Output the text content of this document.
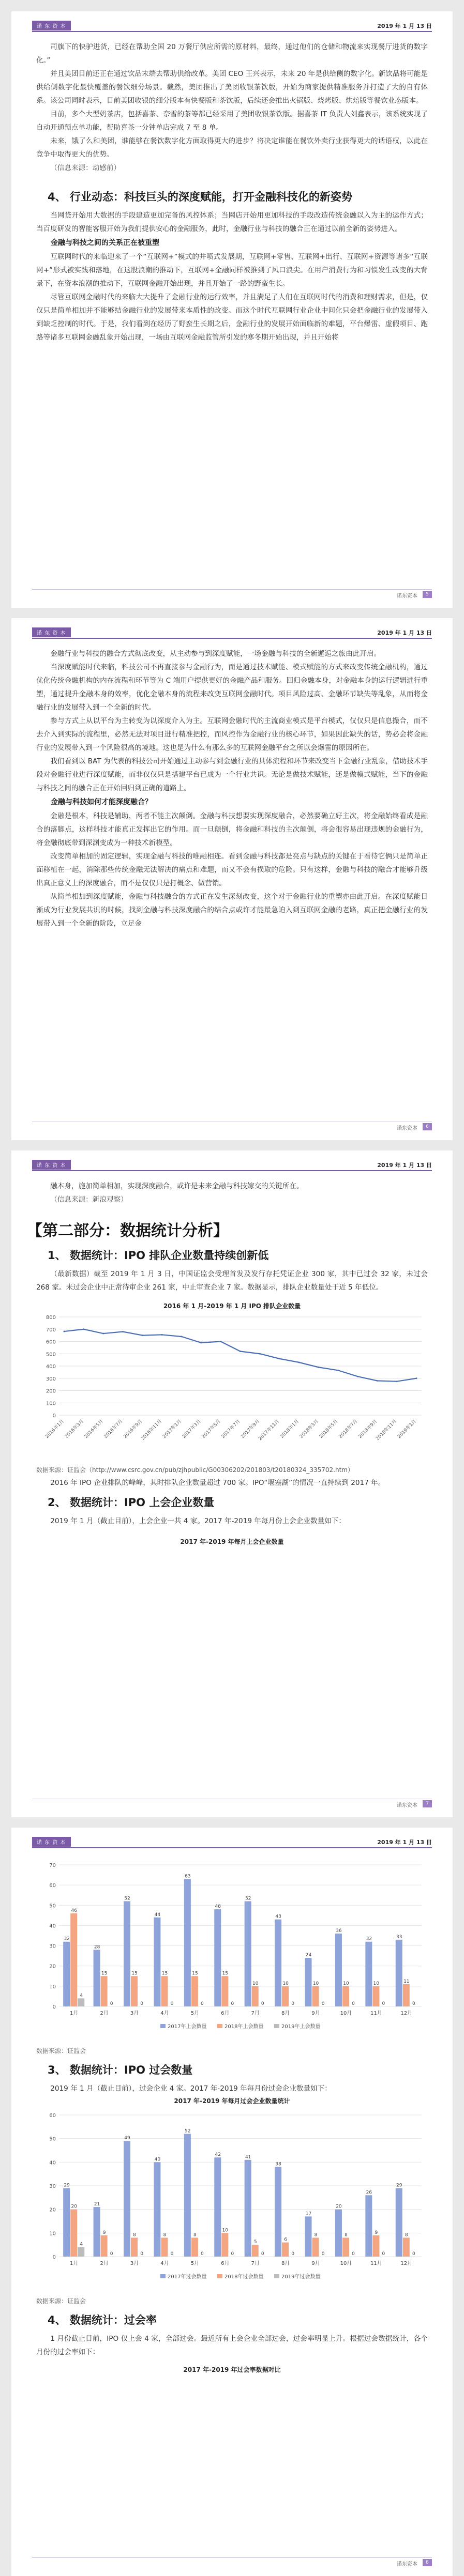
诺 东 资 本	2019 年 1 月 13 日

司旗下的快驴进货，已经在帮助全国 20 万餐厅供应所需的原材料，最终，通过他们的仓储和物流来实现餐厅进货的数字化。”

并且美团目前还正在通过饮品末端去帮助供给改革。美团 CEO 王兴表示，未来 20 年是供给侧的数字化。新饮品将可能是供给侧数字化最快覆盖的餐饮细分场景。截然，美团推出了美团收银茶饮版，开始为商家提供精准服务并打造了大的自有体系。该公司同时表示，目前美团收银的细分版本有快餐版和茶饮版，后续还会推出火锅版、烧烤版、烘焙版等餐饮业态版本。

目前，多个大型奶茶店，包括喜茶、奈雪的茶等都已经采用了美团收银茶饮版。据喜茶 IT 负责人刘鑫表示，该系统实现了自动开通预点单功能，帮助喜茶一分钟单店完成 7 至 8 单。

未来，饿了么和美团，谁能够在餐饮数字化方面取得更大的进步？将决定谁能在餐饮外卖行业获得更大的话语权，以此在竞争中取得更大的优势。

（信息来源：动感前）

4、 行业动态：科技巨头的深度赋能，打开金融科技化的新姿势

当网贷开始用大数据的手段建造更加完备的风控体系；当网店开始用更加科技的手段改造传统金融以入为主的运作方式；当百度研发的智能客服开始为我们提供安心的金融服务，此时，金融行业与科技的融合正在通过以前全新的姿势进入。

金融与科技之间的关系正在被重塑

互联网时代的来临迎来了一个“互联网+”模式的井喷式发展期，互联网+零售、互联网+出行、互联网+资源等诸多“互联网+”形式被实践和落地，在这股浪潮的推动下，互联网+金融同样被推到了风口浪尖。在用户消费行为和习惯发生改变的大背景下，在资本浪潮的推动下，互联网金融开始出现，并且开始了一路的野蛮生长。

尽管互联网金融时代的来临大大提升了金融行业的运行效率，并且满足了人们在互联网时代的消费和理财需求，但是，仅仅只是简单相加并不能够结金融行业的发展带来本质性的改变。而这个时代互联网行业企业中间化只会把金融行业的发展带入到缺乏控制的时代。于是，我们看到在经历了野蛮生长期之后，金融行业的发展开始面临新的难题，平台爆雷、虚假项目、跑路等诸多互联网金融乱象开始出现，一场由互联网金融监管所引发的寒冬期开始出现，并且开始将

诺东资本	5
诺 东 资 本	2019 年 1 月 13 日

金融行业与科技的融合方式彻底改变，从主动参与到深度赋能，一场金融与科技的全新邂逅之旅由此开启。

当深度赋能时代来临，科技公司不再直接参与金融行为，而是通过技术赋能、模式赋能的方式来改变传统金融机构，通过优化传统金融机构的内在流程和环节等为 C 端用户提供更好的金融产品和服务。回归金融本身，对金融本身的运行逻辑进行重塑，通过提升金融本身的效率，优化金融本身的流程来改变互联网金融时代。项目风险过高、金融环节缺失等乱象，从而将金融行业的发展带入到一个全新的时代。

参与方式上从以平台为主转变为以深度介入为主。互联网金融时代的主流商业模式是平台模式，仅仅只是信息撮合，而不去介入到实际的流程里，必然无法对项目进行精准把控，而风控作为金融行业的核心环节，如果因此缺失的话，势必会将金融行业的发展带入到一个风险很高的境地。这也是为什么有那么多的互联网金融平台之所以会爆雷的原因所在。

我们看到以 BAT 为代表的科技公司开始通过主动参与到金融行业的具体流程和环节来改变当下金融行业乱象，借助技术手段对金融行业进行深度赋能，而非仅仅只是搭建平台已成为一个行业共识。无论是做技术赋能，还是做模式赋能，当下的金融与科技之间的融合正在开始回归到正确的道路上。

金融与科技如何才能深度融合？

金融是根本，科技是辅助，两者不能主次颠倒。金融与科技想要实现深度融合，必然要确立好主次，将金融始终看成是融合的落脚点，这样科技才能真正发挥出它的作用。而一旦颠倒，将金融和科技的主次颠倒，将会很容易出现违规的金融行为，将金融彻底带到深渊变成为一种技术新模型。

改变简单相加的固定逻辑，实现金融与科技的唯融相连。看到金融与科技都是亮点与缺点的关键在于看待它俩只是简单正面移植在一起，消除那些传统金融无法解决的痛点和难题，而又不会有损取的危险。只有这样，金融与科技的融合才能够升级出真正意义上的深度融合，而不是仅仅只是打概念、做营销。

从简单相加到深度赋能，金融与科技融合的方式正在发生深刻改变，这个对于金融行业的重塑亦由此开启。在深度赋能日渐成为行业发展共识的时候，找到金融与科技深度融合的结合点或许才能最急迫入到互联网金融的老路，真正把金融行业的发展带入到一个全新的阶段，立足金

诺东资本	6
诺 东 资 本	2019 年 1 月 13 日

融本身，施加简单相加，实现深度融合，或许是未来金融与科技嫁交的关键所在。

（信息来源：新浪观察）

【第二部分：数据统计分析】
1、 数据统计：IPO 排队企业数量持续创新低

（最新数据）截至 2019 年 1 月 3 日，中国证监会受理首发及发行存托凭证企业 300 家，其中已过会 32 家，未过会 268 家。未过会企业中正常待审企业 261 家，中止审查企业 7 家。数据显示，排队企业数量处于近 5 年低位。

2016 年 1 月-2019 年 1 月 IPO 排队企业数量
0
100
200
300
400
500
600
700
800
2016年1月
2016年3月
2016年5月
2016年7月
2016年9月
2016年11月
2017年1月
2017年3月
2017年5月
2017年7月
2017年9月
2017年11月
2018年1月
2018年3月
2018年5月
2018年7月
2018年9月
2018年11月
2019年1月

数据来源：证监会（http://www.csrc.gov.cn/pub/zjhpublic/G00306202/201803/t20180324_335702.htm）

2016 年 IPO 企业排队的峰峰，其时排队企业数量超过 700 家。IPO“堰塞湖”的情况一直持续到 2017 年。

2、 数据统计：IPO 上会企业数量

2019 年 1 月（截止目前），上会企业一共 4 家。2017 年-2019 年每月份上会企业数量如下：

2017 年-2019 年每月上会企业数量
诺东资本	7
诺 东 资 本	2019 年 1 月 13 日
0
10
20
30
40
50
60
70
32
46
4
1月
28
15
0
2月
52
15
0
3月
44
15
0
4月
63
15
0
5月
48
15
0
6月
52
10
0
7月
43
10
0
8月
24
10
0
9月
36
10
0
10月
32
10
0
11月
33
11
0
12月
2017年上会数量	2018年上会数量	2019年上会数量

数据来源：证监会

3、 数据统计：IPO 过会数量

2019 年 1 月（截止目前），过会企业 4 家。2017 年-2019 年每月份过会企业数量如下：

2017 年-2019 年每月过会企业数量统计
0
10
20
30
40
50
60
29
20
4
1月
21
9
0
2月
49
8
0
3月
40
8
0
4月
52
8
0
5月
42
10
0
6月
41
5
0
7月
38
6
0
8月
17
8
0
9月
20
8
0
10月
26
9
0
11月
29
8
0
12月
2017年过会数量	2018年过会数量	2019年过会数量

数据来源：证监会

4、 数据统计：过会率

1 月份截止目前，IPO 仅上会 4 家，全部过会。最近所有上会企业全部过会，过会率明显上升。根据过会数据统计，各个月份的过会率如下：

2017 年-2019 年过会率数据对比
诺东资本	8
